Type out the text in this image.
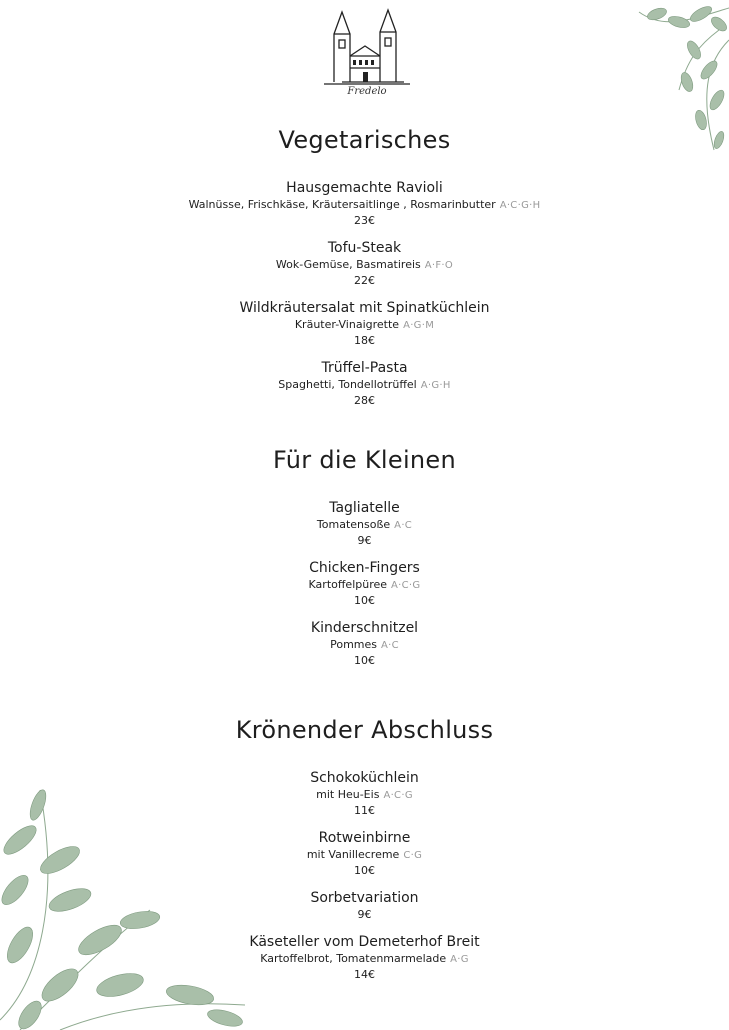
Fredelo
Vegetarisches
Hausgemachte Ravioli
Walnüsse, Frischkäse, Kräutersaitlinge , Rosmarinbutter A·C·G·H
23€
Tofu-Steak
Wok-Gemüse, Basmatireis A·F·O
22€
Wildkräutersalat mit Spinatküchlein
Kräuter-Vinaigrette A·G·M
18€
Trüffel-Pasta
Spaghetti, Tondellotrüffel A·G·H
28€
Für die Kleinen
Tagliatelle
Tomatensoße A·C
9€
Chicken-Fingers
Kartoffelpüree A·C·G
10€
Kinderschnitzel
Pommes A·C
10€
Krönender Abschluss
Schokoküchlein
mit Heu-Eis A·C·G
11€
Rotweinbirne
mit Vanillecreme C·G
10€
Sorbetvariation
9€
Käseteller vom Demeterhof Breit
Kartoffelbrot, Tomatenmarmelade A·G
14€
